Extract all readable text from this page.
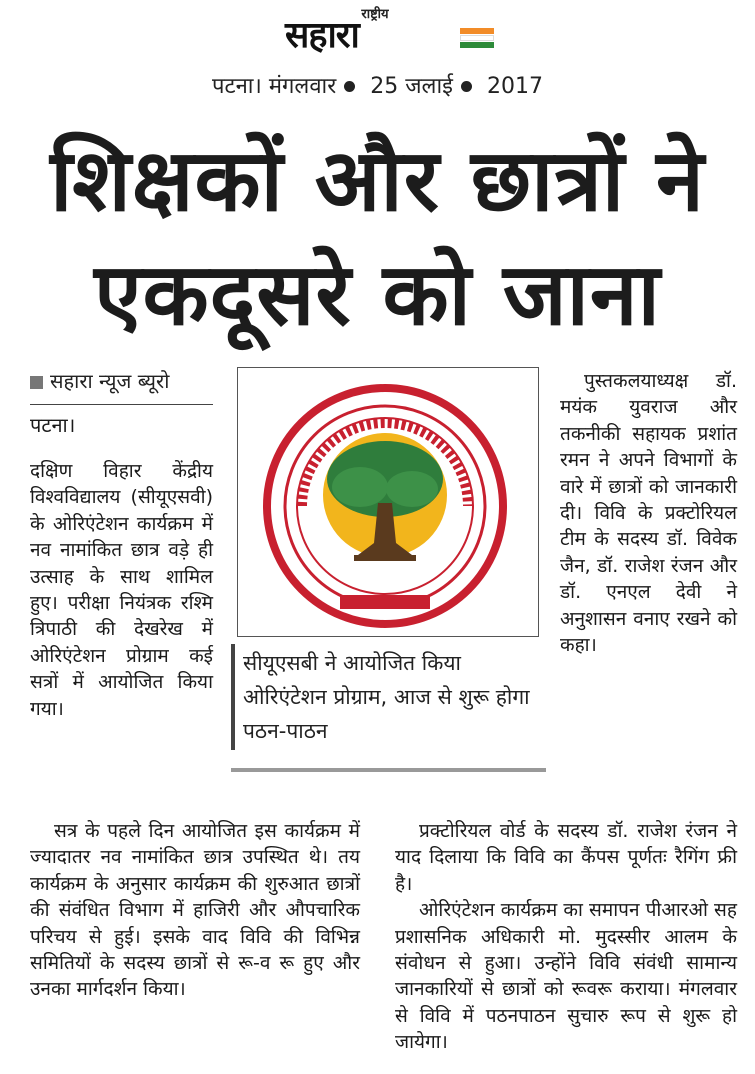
राष्ट्रीय
सहारा
पटना। मंगलवार 25 जलाई 2017
शिक्षकों और छात्रों ने
एकदूसरे को जाना
सहारा न्यूज ब्यूरो
पटना।

दक्षिण विहार केंद्रीय विश्वविद्यालय (सीयूएसवी) के ओरिएंटेशन कार्यक्रम में नव नामांकित छात्र वड़े ही उत्साह के साथ शामिल हुए। परीक्षा नियंत्रक रश्मि त्रिपाठी की देखरेख में ओरिएंटेशन प्रोग्राम कई सत्रों में आयोजित किया गया।

सत्र के पहले दिन आयोजित इस कार्यक्रम में ज्यादातर नव नामांकित छात्र उपस्थित थे। तय कार्यक्रम के अनुसार कार्यक्रम की शुरुआत छात्रों की संवंधित विभाग में हाजिरी और औपचारिक परिचय से हुई। इसके वाद विवि की विभिन्न समितियों के सदस्य छात्रों से रू-व रू हुए और उनका मार्गदर्शन किया।

सीयूएसबी ने आयोजित किया ओरिएंटेशन प्रोग्राम, आज से शुरू होगा पठन-पाठन

पुस्तकलयाध्यक्ष डॉ. मयंक युवराज और तकनीकी सहायक प्रशांत रमन ने अपने विभागों के वारे में छात्रों को जानकारी दी। विवि के प्रक्टोरियल टीम के सदस्य डॉ. विवेक जैन, डॉ. राजेश रंजन और डॉ. एनएल देवी ने अनुशासन वनाए रखने को कहा।

प्रक्टोरियल वोर्ड के सदस्य डॉ. राजेश रंजन ने याद दिलाया कि विवि का कैंपस पूर्णतः रैगिंग फ्री है।

ओरिएंटेशन कार्यक्रम का समापन पीआरओ सह प्रशासनिक अधिकारी मो. मुदस्सीर आलम के संवोधन से हुआ। उन्होंने विवि संवंधी सामान्य जानकारियों से छात्रों को रूवरू कराया। मंगलवार से विवि में पठनपाठन सुचारु रूप से शुरू हो जायेगा।
